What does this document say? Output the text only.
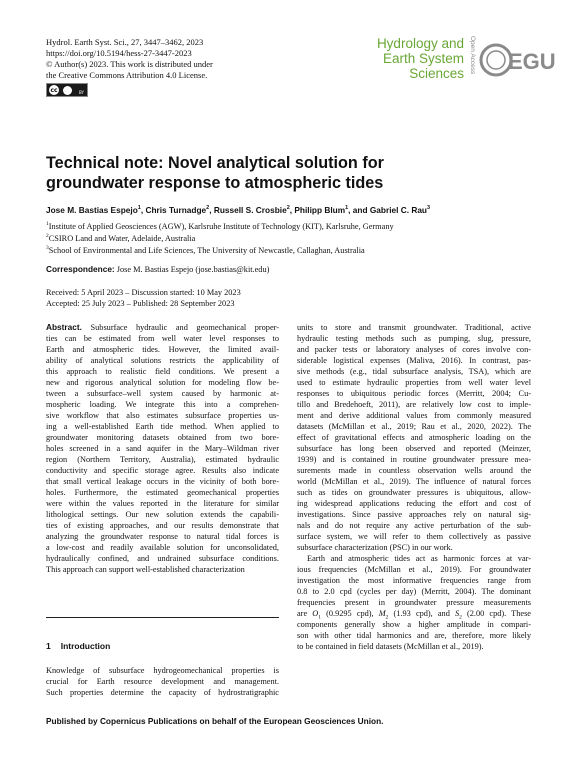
Hydrol. Earth Syst. Sci., 27, 3447–3462, 2023
https://doi.org/10.5194/hess-27-3447-2023
© Author(s) 2023. This work is distributed under
the Creative Commons Attribution 4.0 License.
cc	BY
Hydrology and
Earth System
Sciences Open Access EGU
Technical note: Novel analytical solution for
groundwater response to atmospheric tides
Jose M. Bastias Espejo$^1$, Chris Turnadge$^2$, Russell S. Crosbie$^2$, Philipp Blum$^1$, and Gabriel C. Rau$^3$
$^1$Institute of Applied Geosciences (AGW), Karlsruhe Institute of Technology (KIT), Karlsruhe, Germany
$^2$CSIRO Land and Water, Adelaide, Australia
$^3$School of Environmental and Life Sciences, The University of Newcastle, Callaghan, Australia
Correspondence: Jose M. Bastias Espejo (jose.bastias@kit.edu)
Received: 5 April 2023 – Discussion started: 10 May 2023
Accepted: 25 July 2023 – Published: 28 September 2023
Abstract. Subsurface hydraulic and geomechanical proper-
ties can be estimated from well water level responses to
Earth and atmospheric tides. However, the limited avail-
ability of analytical solutions restricts the applicability of
this approach to realistic field conditions. We present a
new and rigorous analytical solution for modeling flow be-
tween a subsurface–well system caused by harmonic at-
mospheric loading. We integrate this into a comprehen-
sive workflow that also estimates subsurface properties us-
ing a well-established Earth tide method. When applied to
groundwater monitoring datasets obtained from two bore-
holes screened in a sand aquifer in the Mary–Wildman river
region (Northern Territory, Australia), estimated hydraulic
conductivity and specific storage agree. Results also indicate
that small vertical leakage occurs in the vicinity of both bore-
holes. Furthermore, the estimated geomechanical properties
were within the values reported in the literature for similar
lithological settings. Our new solution extends the capabili-
ties of existing approaches, and our results demonstrate that
analyzing the groundwater response to natural tidal forces is
a low-cost and readily available solution for unconsolidated,
hydraulically confined, and undrained subsurface conditions.
This approach can support well-established characterization
1 Introduction
Knowledge of subsurface hydrogeomechanical properties is
crucial for Earth resource development and management.
Such properties determine the capacity of hydrostratigraphic
units to store and transmit groundwater. Traditional, active
hydraulic testing methods such as pumping, slug, pressure,
and packer tests or laboratory analyses of cores involve con-
siderable logistical expenses (Maliva, 2016). In contrast, pas-
sive methods (e.g., tidal subsurface analysis, TSA), which are
used to estimate hydraulic properties from well water level
responses to ubiquitous periodic forces (Merritt, 2004; Cu-
tillo and Bredehoeft, 2011), are relatively low cost to imple-
ment and derive additional values from commonly measured
datasets (McMillan et al., 2019; Rau et al., 2020, 2022). The
effect of gravitational effects and atmospheric loading on the
subsurface has long been observed and reported (Meinzer,
1939) and is contained in routine groundwater pressure mea-
surements made in countless observation wells around the
world (McMillan et al., 2019). The influence of natural forces
such as tides on groundwater pressures is ubiquitous, allow-
ing widespread applications reducing the effort and cost of
investigations. Since passive approaches rely on natural sig-
nals and do not require any active perturbation of the sub-
surface system, we will refer to them collectively as passive
subsurface characterization (PSC) in our work.
Earth and atmospheric tides act as harmonic forces at var-
ious frequencies (McMillan et al., 2019). For groundwater
investigation the most informative frequencies range from
0.8 to 2.0 cpd (cycles per day) (Merritt, 2004). The dominant
frequencies present in groundwater pressure measurements
are $O_1$ (0.9295 cpd), $M_2$ (1.93 cpd), and $S_2$ (2.00 cpd). These
components generally show a higher amplitude in compari-
son with other tidal harmonics and are, therefore, more likely
to be contained in field datasets (McMillan et al., 2019).
Published by Copernicus Publications on behalf of the European Geosciences Union.
